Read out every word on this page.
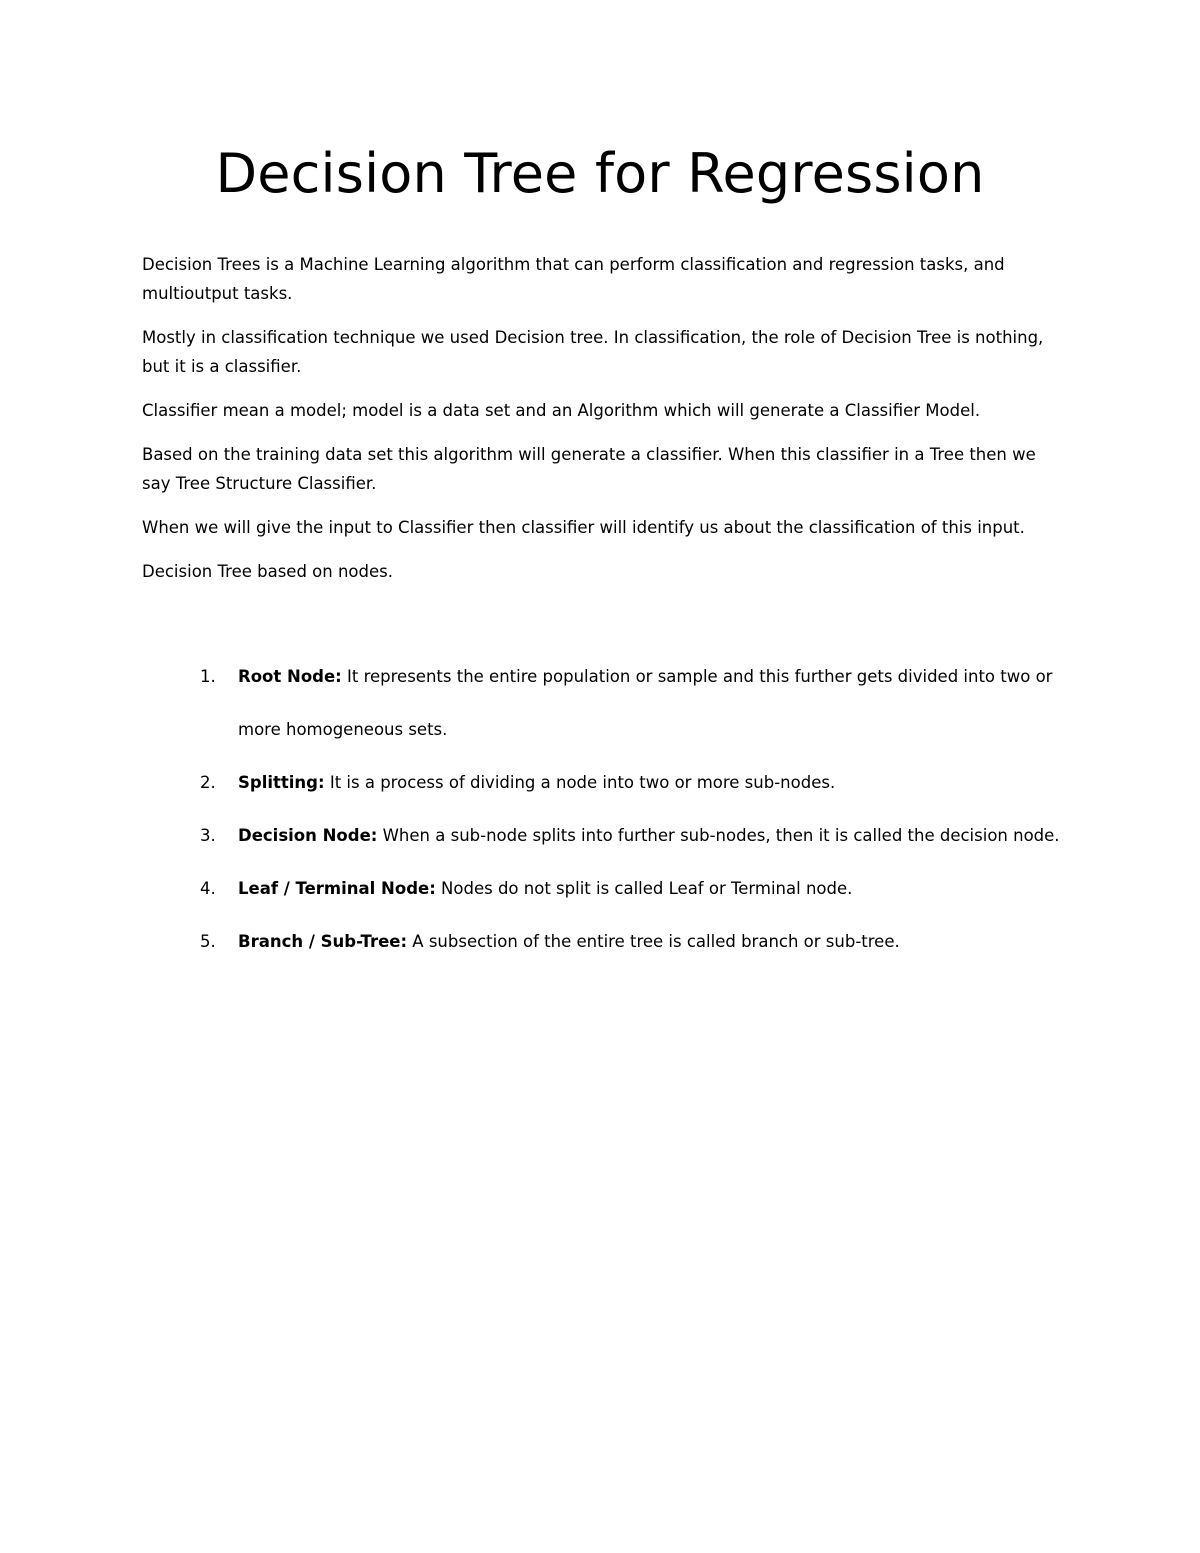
Decision Tree for Regression

Decision Trees is a Machine Learning algorithm that can perform classification and regression tasks, and multioutput tasks.

Mostly in classification technique we used Decision tree. In classification, the role of Decision Tree is nothing, but it is a classifier.

Classifier mean a model; model is a data set and an Algorithm which will generate a Classifier Model.

Based on the training data set this algorithm will generate a classifier. When this classifier in a Tree then we say Tree Structure Classifier.

When we will give the input to Classifier then classifier will identify us about the classification of this input.

Decision Tree based on nodes.

1. Root Node: It represents the entire population or sample and this further gets divided into two or more homogeneous sets.
2. Splitting: It is a process of dividing a node into two or more sub-nodes.
3. Decision Node: When a sub-node splits into further sub-nodes, then it is called the decision node.
4. Leaf / Terminal Node: Nodes do not split is called Leaf or Terminal node.
5. Branch / Sub-Tree: A subsection of the entire tree is called branch or sub-tree.
